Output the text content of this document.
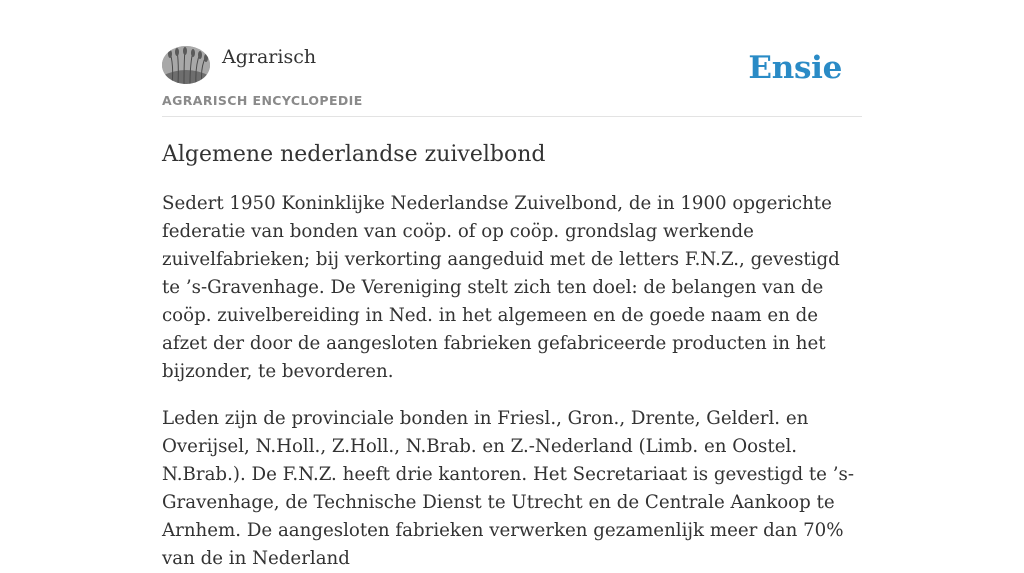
Agrarisch
AGRARISCH ENCYCLOPEDIE
Ensie
Algemene nederlandse zuivelbond

Sedert 1950 Koninklijke Nederlandse Zuivelbond, de in 1900 opgerichte federatie van bonden van coöp. of op coöp. grondslag werkende zuivelfabrieken; bij verkorting aangeduid met de letters F.N.Z., gevestigd te ’s-Gravenhage. De Vereniging stelt zich ten doel: de belangen van de coöp. zuivelbereiding in Ned. in het algemeen en de goede naam en de afzet der door de aangesloten fabrieken gefabriceerde producten in het bijzonder, te bevorderen.

Leden zijn de provinciale bonden in Friesl., Gron., Drente, Gelderl. en Overijsel, N.Holl., Z.Holl., N.Brab. en Z.-Nederland (Limb. en Oostel. N.Brab.). De F.N.Z. heeft drie kantoren. Het Secretariaat is gevestigd te ’s-Gravenhage, de Technische Dienst te Utrecht en de Centrale Aankoop te Arnhem. De aangesloten fabrieken verwerken gezamenlijk meer dan 70% van de in Nederland
